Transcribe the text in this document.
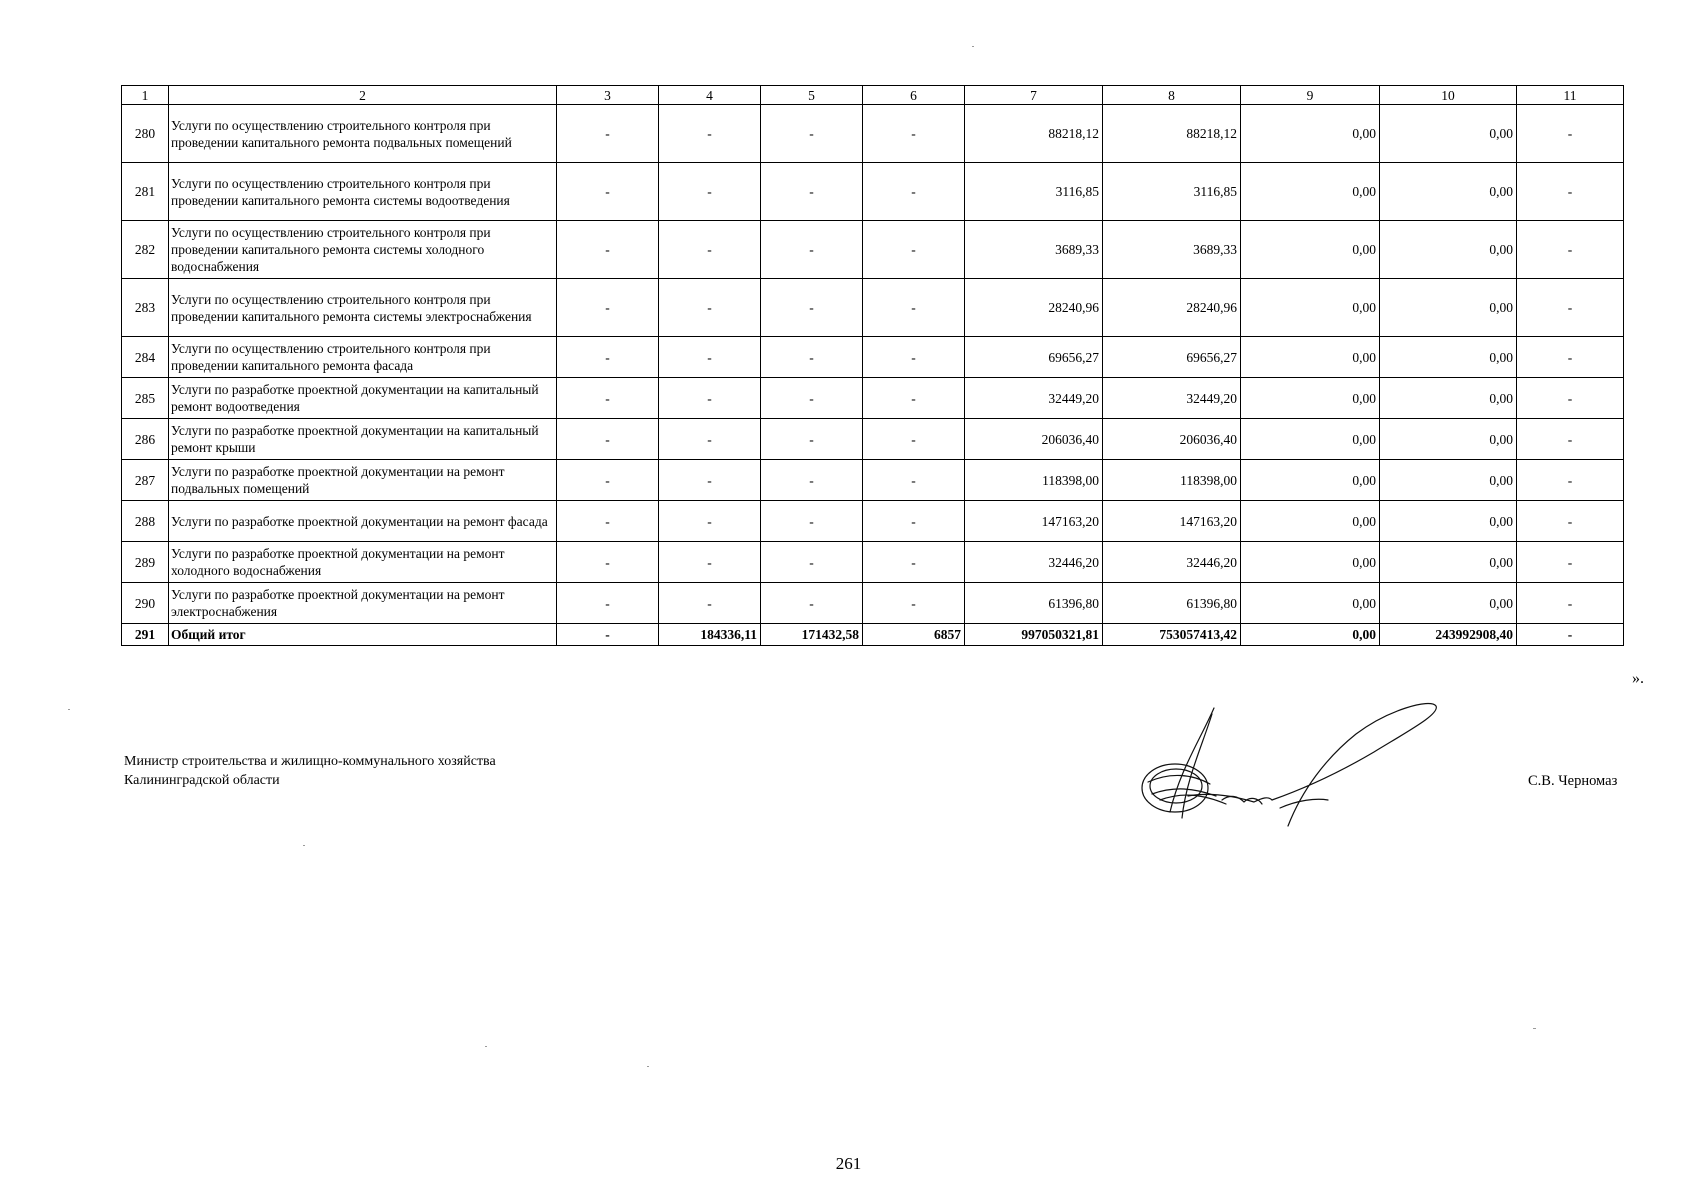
1	2	3	4	5	6	7	8	9	10	11
280	Услуги по осуществлению строительного контроля при проведении капитального ремонта подвальных помещений	-	-	-	-	88218,12	88218,12	0,00	0,00	-
281	Услуги по осуществлению строительного контроля при проведении капитального ремонта системы водоотведения	-	-	-	-	3116,85	3116,85	0,00	0,00	-
282	Услуги по осуществлению строительного контроля при проведении капитального ремонта системы холодного водоснабжения	-	-	-	-	3689,33	3689,33	0,00	0,00	-
283	Услуги по осуществлению строительного контроля при проведении капитального ремонта системы электроснабжения	-	-	-	-	28240,96	28240,96	0,00	0,00	-
284	Услуги по осуществлению строительного контроля при проведении капитального ремонта фасада	-	-	-	-	69656,27	69656,27	0,00	0,00	-
285	Услуги по разработке проектной документации на капитальный ремонт водоотведения	-	-	-	-	32449,20	32449,20	0,00	0,00	-
286	Услуги по разработке проектной документации на капитальный ремонт крыши	-	-	-	-	206036,40	206036,40	0,00	0,00	-
287	Услуги по разработке проектной документации на ремонт подвальных помещений	-	-	-	-	118398,00	118398,00	0,00	0,00	-
288	Услуги по разработке проектной документации на ремонт фасада	-	-	-	-	147163,20	147163,20	0,00	0,00	-
289	Услуги по разработке проектной документации на ремонт холодного водоснабжения	-	-	-	-	32446,20	32446,20	0,00	0,00	-
290	Услуги по разработке проектной документации на ремонт электроснабжения	-	-	-	-	61396,80	61396,80	0,00	0,00	-
291	Общий итог	-	184336,11	171432,58	6857	997050321,81	753057413,42	0,00	243992908,40	-
».
Министр строительства и жилищно-коммунального хозяйства
Калининградской области	С.В. Черномаз
261
